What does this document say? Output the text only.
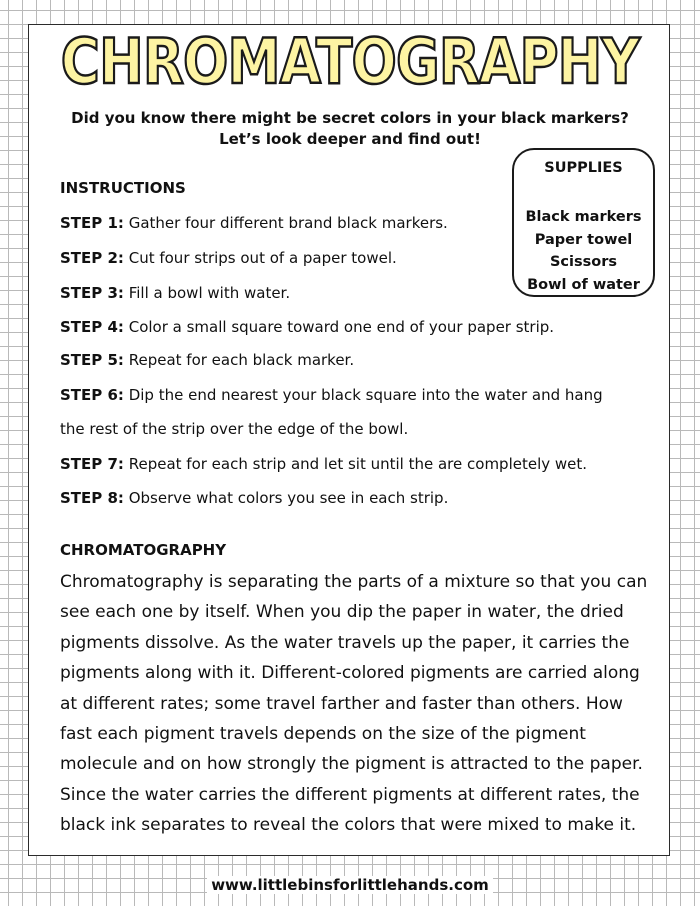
CHROMATOGRAPHY
Did you know there might be secret colors in your black markers?
Let’s look deeper and find out!
SUPPLIES
Black markers
Paper towel
Scissors
Bowl of water
INSTRUCTIONS
STEP 1: Gather four different brand black markers.
STEP 2: Cut four strips out of a paper towel.
STEP 3: Fill a bowl with water.
STEP 4: Color a small square toward one end of your paper strip.
STEP 5: Repeat for each black marker.
STEP 6: Dip the end nearest your black square into the water and hang
STEP 7: Repeat for each strip and let sit until the are completely wet.
STEP 8: Observe what colors you see in each strip.
the rest of the strip over the edge of the bowl.
CHROMATOGRAPHY

Chromatography is separating the parts of a mixture so that you can
see each one by itself. When you dip the paper in water, the dried
pigments dissolve. As the water travels up the paper, it carries the
pigments along with it. Different-colored pigments are carried along
at different rates; some travel farther and faster than others. How
fast each pigment travels depends on the size of the pigment
molecule and on how strongly the pigment is attracted to the paper.
Since the water carries the different pigments at different rates, the
black ink separates to reveal the colors that were mixed to make it.

www.littlebinsforlittlehands.com
